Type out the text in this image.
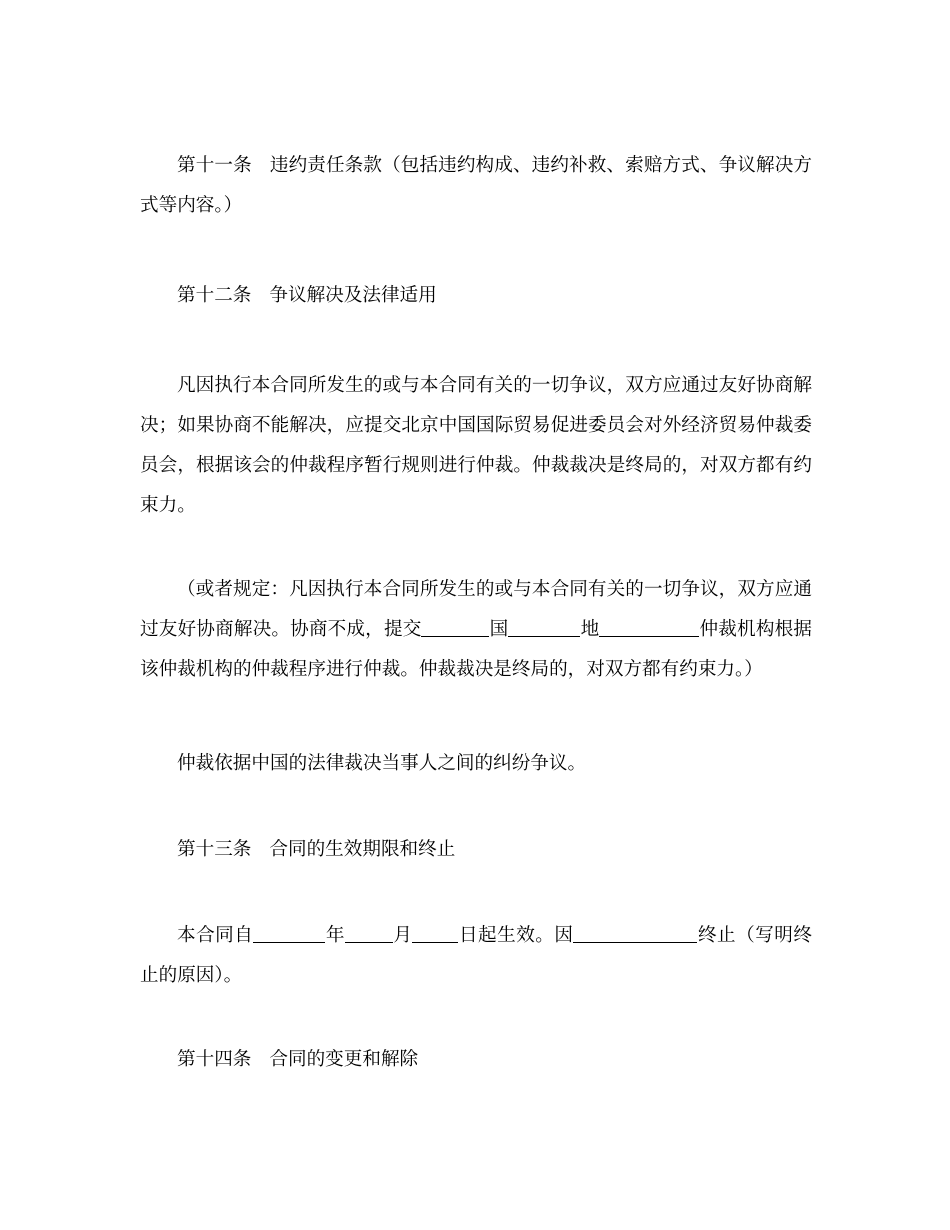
第十一条 违约责任条款（包括违约构成、违约补救、索赔方式、争议解决方式等内容。）

第十二条 争议解决及法律适用

凡因执行本合同所发生的或与本合同有关的一切争议，双方应通过友好协商解决；如果协商不能解决，应提交北京中国国际贸易促进委员会对外经济贸易仲裁委员会，根据该会的仲裁程序暂行规则进行仲裁。仲裁裁决是终局的，对双方都有约束力。

（或者规定：凡因执行本合同所发生的或与本合同有关的一切争议，双方应通过友好协商解决。协商不成，提交	国	地	仲裁机构根据该仲裁机构的仲裁程序进行仲裁。仲裁裁决是终局的，对双方都有约束力。）

仲裁依据中国的法律裁决当事人之间的纠纷争议。

第十三条 合同的生效期限和终止

本合同自	年	月 日起生效。因	终止（写明终止的原因）。

第十四条 合同的变更和解除
